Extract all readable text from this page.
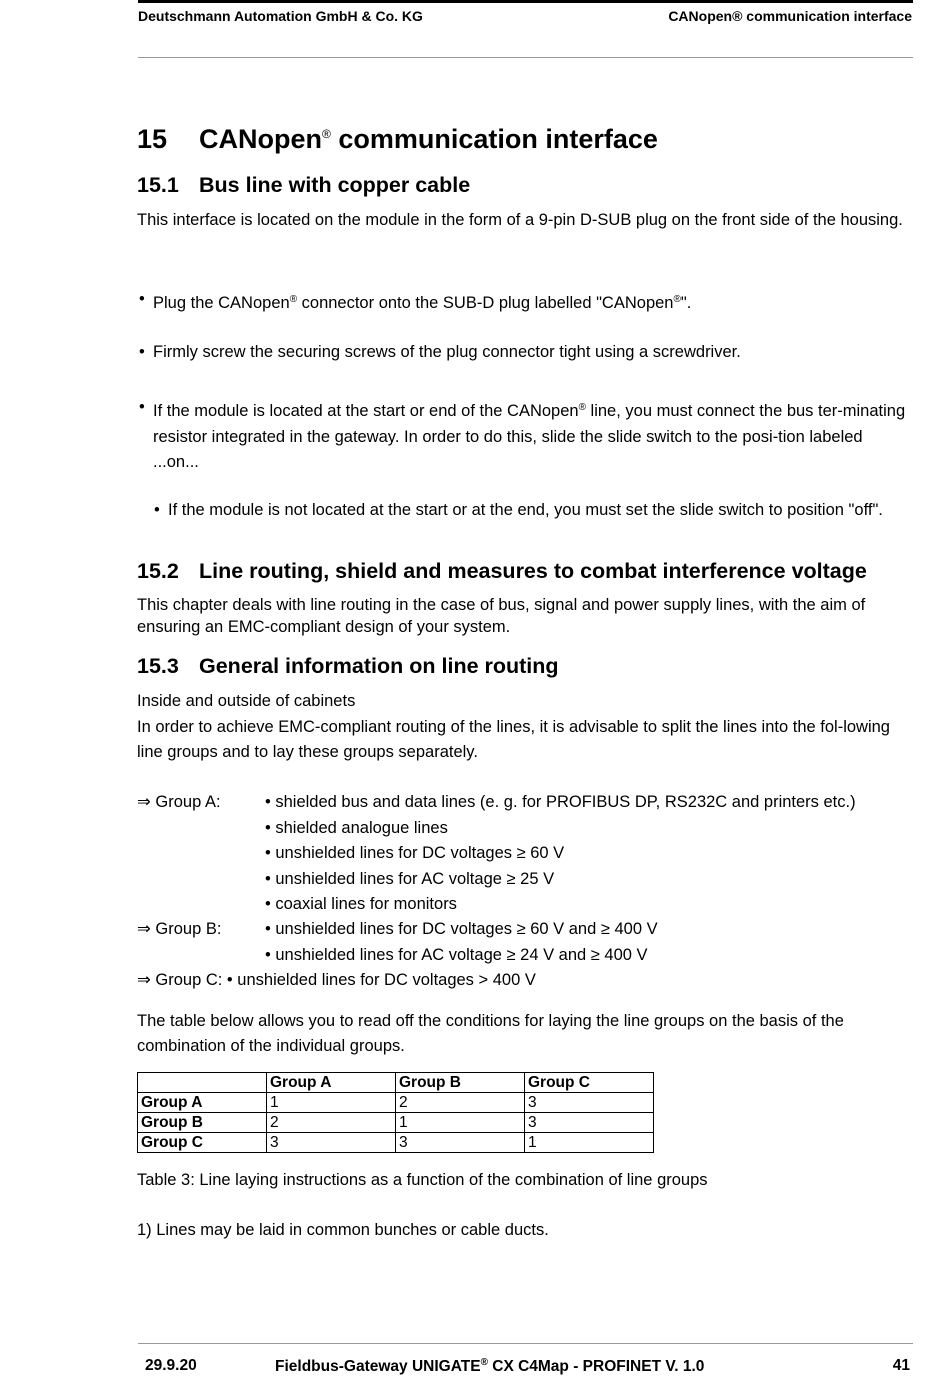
Deutschmann Automation GmbH & Co. KG	CANopen® communication interface
15 CANopen® communication interface
15.1 Bus line with copper cable
This interface is located on the module in the form of a 9-pin D-SUB plug on the front side of the housing.
• Plug the CANopen® connector onto the SUB-D plug labelled "CANopen®".
• Firmly screw the securing screws of the plug connector tight using a screwdriver.
• If the module is located at the start or end of the CANopen® line, you must connect the bus ter-minating resistor integrated in the gateway. In order to do this, slide the slide switch to the posi-tion labeled ...on...
• If the module is not located at the start or at the end, you must set the slide switch to position "off".
15.2 Line routing, shield and measures to combat interference voltage
This chapter deals with line routing in the case of bus, signal and power supply lines, with the aim of ensuring an EMC-compliant design of your system.
15.3 General information on line routing
Inside and outside of cabinets
In order to achieve EMC-compliant routing of the lines, it is advisable to split the lines into the fol-lowing line groups and to lay these groups separately.
⇒ Group A:	• shielded bus and data lines (e. g. for PROFIBUS DP, RS232C and printers etc.)
• shielded analogue lines
• unshielded lines for DC voltages ≥ 60 V
• unshielded lines for AC voltage ≥ 25 V
• coaxial lines for monitors
⇒ Group B:	• unshielded lines for DC voltages ≥ 60 V and ≥ 400 V
• unshielded lines for AC voltage ≥ 24 V and ≥ 400 V
⇒ Group C: • unshielded lines for DC voltages > 400 V
The table below allows you to read off the conditions for laying the line groups on the basis of the combination of the individual groups.
	Group A	Group B	Group C
Group A	1	2	3
Group B	2	1	3
Group C	3	3	1
Table 3: Line laying instructions as a function of the combination of line groups
1) Lines may be laid in common bunches or cable ducts.
29.9.20	Fieldbus-Gateway UNIGATE® CX C4Map - PROFINET V. 1.0	41
